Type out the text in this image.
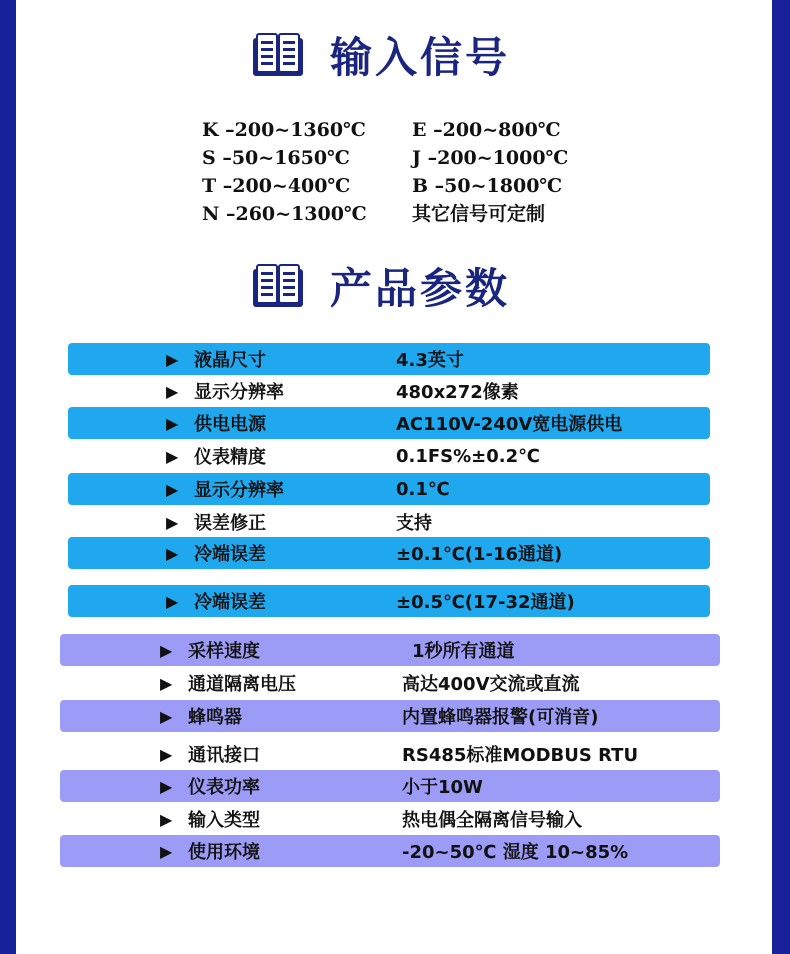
输入信号
K –200~1360℃ E –200~800℃
S –50~1650℃	J –200~1000℃
T –200~400℃	B –50~1800℃
N –260~1300℃ 其它信号可定制
产品参数
▶ 液晶尺寸	4.3英寸
▶ 显示分辨率	480x272像素
▶ 供电电源	AC110V-240V宽电源供电
▶ 仪表精度	0.1FS%±0.2℃
▶ 显示分辨率	0.1℃
▶ 误差修正	支持
▶ 冷端误差	±0.1℃(1-16通道)
▶ 冷端误差	±0.5℃(17-32通道)
▶ 采样速度	1秒所有通道
▶ 通道隔离电压	高达400V交流或直流
▶ 蜂鸣器	内置蜂鸣器报警(可消音)
▶ 通讯接口	RS485标准MODBUS RTU
▶ 仪表功率	小于10W
▶ 输入类型	热电偶全隔离信号输入
▶ 使用环境	-20~50℃ 湿度 10~85%
